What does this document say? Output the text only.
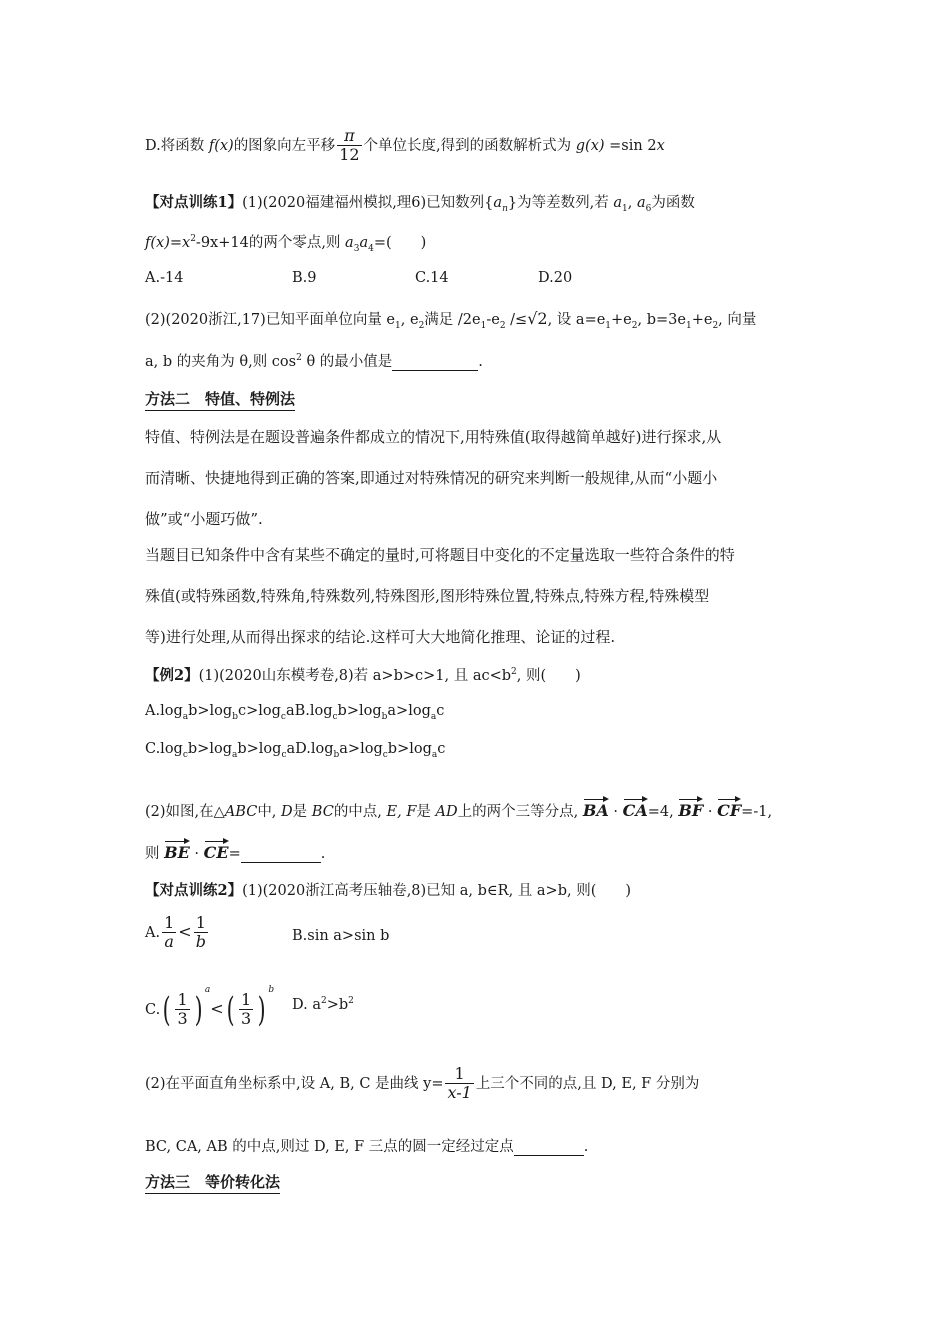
D.将函数 f(x)的图象向左平移 $\frac{\pi}{12}$ 个单位长度,得到的函数解析式为 g(x) =sin 2x
【对点训练1】(1)(2020福建福州模拟,理6)已知数列$\{a_n\}$为等差数列,若 $a_1$, $a_6$为函数
$f(x)=x^2-9x+14$的两个零点,则 $a_3a_4=$(　　)
A.-14	B.9	C.14	D.20
(2)(2020浙江,17)已知平面单位向量 $e_1$, $e_2$满足 $/2e_1-e_2$ /≤√2, 设 $a=e_1+e_2$, $b=3e_1+e_2$, 向量
a, b 的夹角为 θ,则 $\cos^2 \theta$ 的最小值是	.
方法二　特值、特例法
特值、特例法是在题设普遍条件都成立的情况下,用特殊值(取得越简单越好)进行探求,从
而清晰、快捷地得到正确的答案,即通过对特殊情况的研究来判断一般规律,从而“小题小
做”或“小题巧做”.
当题目已知条件中含有某些不确定的量时,可将题目中变化的不定量选取一些符合条件的特
殊值(或特殊函数,特殊角,特殊数列,特殊图形,图形特殊位置,特殊点,特殊方程,特殊模型
等)进行处理,从而得出探求的结论.这样可大大地简化推理、论证的过程.
【例2】(1)(2020山东模考卷,8)若 a>b>c>1, 且 $ac<b^2$, 则(　　)
$A.\log_ab>\log_bc>\log_caB.\log_cb>\log_ba>\log_ac$
$C.\log_cb>\log_ab>\log_caD.\log_ba>\log_cb>\log_ac$
(2)如图,在△ABC中, D是 BC的中点, E, F是 AD上的两个三等分点, BA · CA=4, BF · CF=-1,
则 BE · CE=	.
【对点训练2】(1)(2020浙江高考压轴卷,8)已知 a, b∈R, 且 a>b, 则(　　)
A. $\frac{1}{a} < \frac{1}{b}$	B.sin a>sin b
$C.( \frac{1}{3}$ ) $^a<( \frac{1}{3}$ ) $^b$
D. $a^2>b^2$
(2)在平面直角坐标系中,设 A, B, C 是曲线 $y= \frac{1}{x-1}$ 上三个不同的点,且 D, E, F 分别为
BC, CA, AB 的中点,则过 D, E, F 三点的圆一定经过定点	.
方法三　等价转化法
